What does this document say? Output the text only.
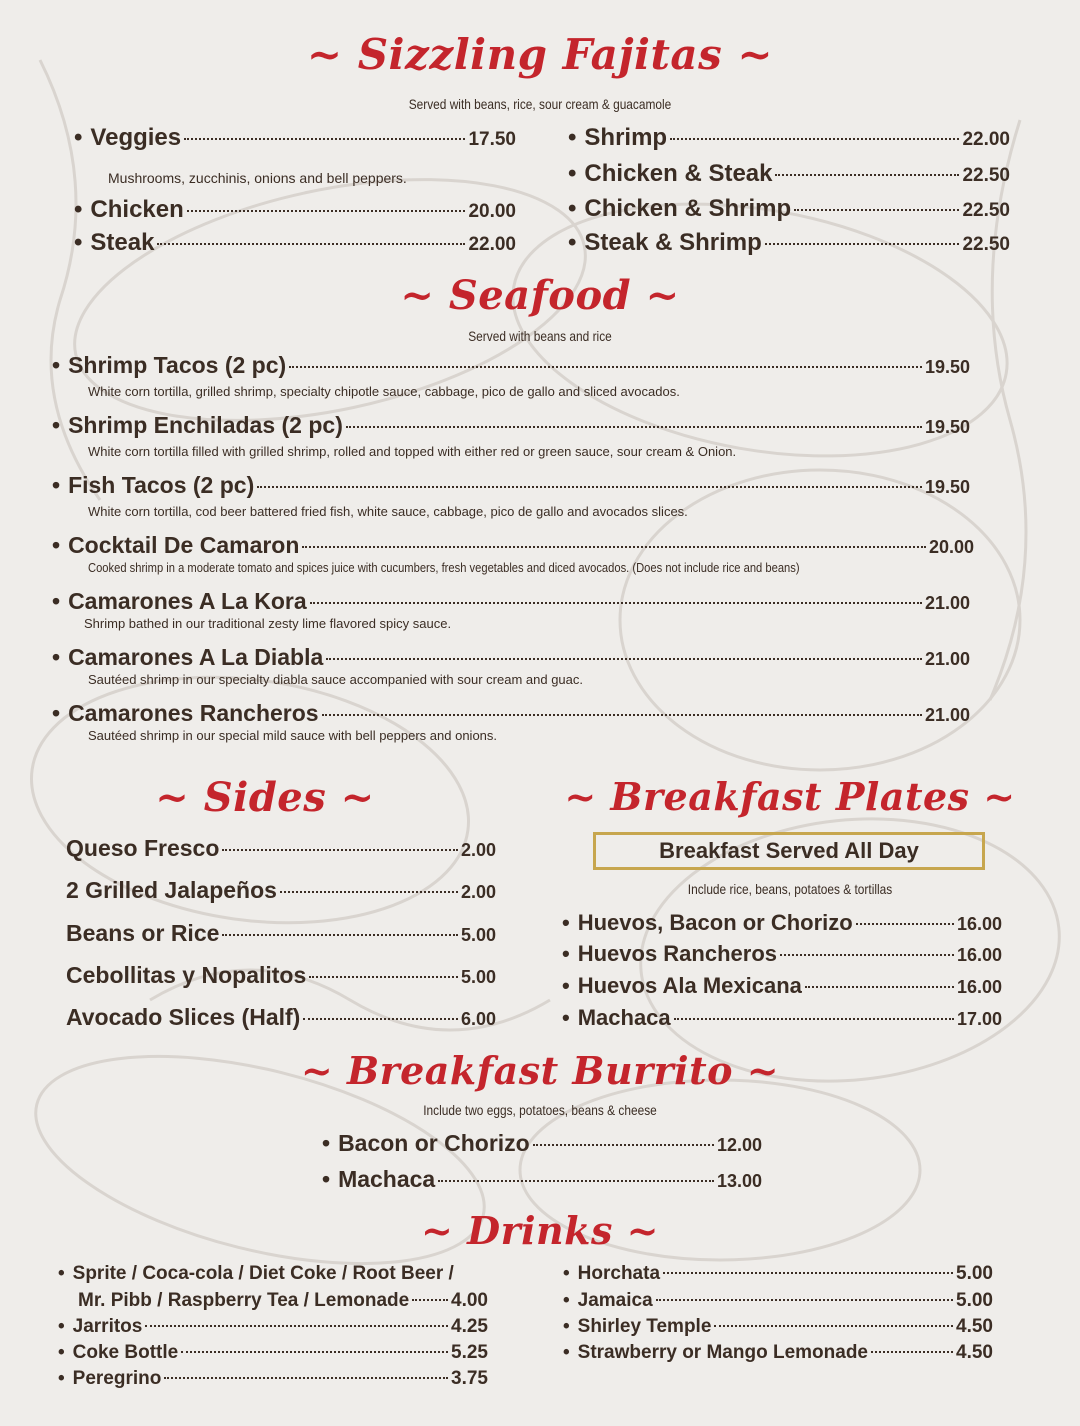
~ Sizzling Fajitas ~
Served with beans, rice, sour cream & guacamole
• Veggies	17.50
Mushrooms, zucchinis, onions and bell peppers.
• Chicken	20.00
• Steak	22.00
• Shrimp	22.00
• Chicken & Steak	22.50
• Chicken & Shrimp	22.50
• Steak & Shrimp	22.50
~ Seafood ~
Served with beans and rice
• Shrimp Tacos (2 pc)	19.50
White corn tortilla, grilled shrimp, specialty chipotle sauce, cabbage, pico de gallo and sliced avocados.
• Shrimp Enchiladas (2 pc)	19.50
White corn tortilla filled with grilled shrimp, rolled and topped with either red or green sauce, sour cream & Onion.
• Fish Tacos (2 pc)	19.50
White corn tortilla, cod beer battered fried fish, white sauce, cabbage, pico de gallo and avocados slices.
• Cocktail De Camaron	20.00
Cooked shrimp in a moderate tomato and spices juice with cucumbers, fresh vegetables and diced avocados. (Does not include rice and beans)
• Camarones A La Kora	21.00
Shrimp bathed in our traditional zesty lime flavored spicy sauce.
• Camarones A La Diabla	21.00
Sautéed shrimp in our specialty diabla sauce accompanied with sour cream and guac.
• Camarones Rancheros	21.00
Sautéed shrimp in our special mild sauce with bell peppers and onions.
~ Sides ~
Queso Fresco	2.00
2 Grilled Jalapeños	2.00
Beans or Rice	5.00
Cebollitas y Nopalitos	5.00
Avocado Slices (Half)	6.00
~ Breakfast Plates ~
Breakfast Served All Day
Include rice, beans, potatoes & tortillas
• Huevos, Bacon or Chorizo	16.00
• Huevos Rancheros	16.00
• Huevos Ala Mexicana	16.00
• Machaca	17.00
~ Breakfast Burrito ~
Include two eggs, potatoes, beans & cheese
• Bacon or Chorizo	12.00
• Machaca	13.00
~ Drinks ~
• Sprite / Coca-cola / Diet Coke / Root Beer /
Mr. Pibb / Raspberry Tea / Lemonade 4.00
• Jarritos	4.25
• Coke Bottle	5.25
• Peregrino	3.75
• Horchata	5.00
• Jamaica	5.00
• Shirley Temple	4.50
• Strawberry or Mango Lemonade	4.50
